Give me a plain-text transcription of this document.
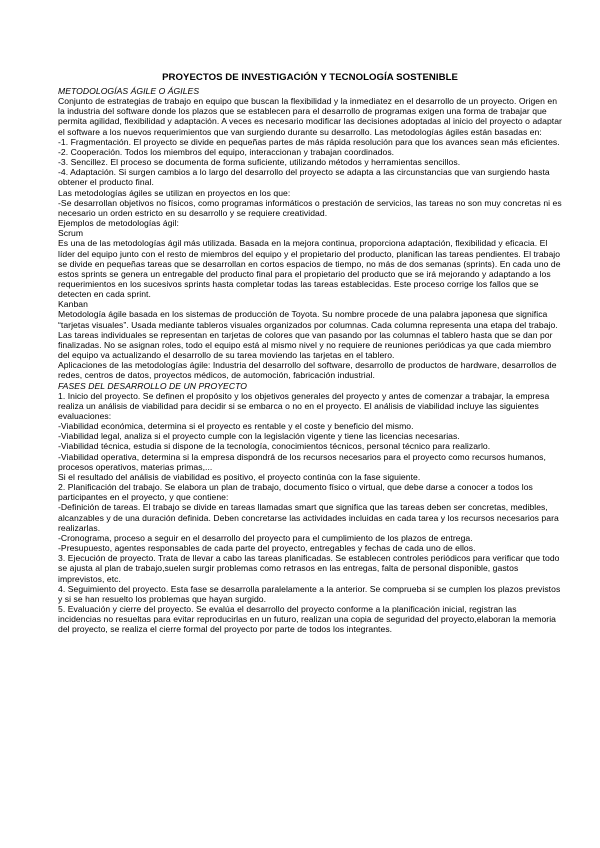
PROYECTOS DE INVESTIGACIÓN Y TECNOLOGÍA SOSTENIBLE

METODOLOGÍAS ÁGILE O ÁGILES

Conjunto de estrategias de trabajo en equipo que buscan la flexibilidad y la inmediatez en el desarrollo de un proyecto. Origen en la industria del software donde los plazos que se establecen para el desarrollo de programas exigen una forma de trabajar que permita agilidad, flexibilidad y adaptación. A veces es necesario modificar las decisiones adoptadas al inicio del proyecto o adaptar el software a los nuevos requerimientos que van surgiendo durante su desarrollo. Las metodologías ágiles están basadas en:

-1. Fragmentación. El proyecto se divide en pequeñas partes de más rápida resolución para que los avances sean más eficientes.

-2. Cooperación. Todos los miembros del equipo, interaccionan y trabajan coordinados.

-3. Sencillez. El proceso se documenta de forma suficiente, utilizando métodos y herramientas sencillos.

-4. Adaptación. Si surgen cambios a lo largo del desarrollo del proyecto se adapta a las circunstancias que van surgiendo hasta obtener el producto final.

Las metodologías ágiles se utilizan en proyectos en los que:

-Se desarrollan objetivos no físicos, como programas informáticos o prestación de servicios, las tareas no son muy concretas ni es necesario un orden estricto en su desarrollo y se requiere creatividad.

Ejemplos de metodologías ágil:

Scrum

Es una de las metodologías ágil más utilizada. Basada en la mejora continua, proporciona adaptación, flexibilidad y eficacia. El líder del equipo junto con el resto de miembros del equipo y el propietario del producto, planifican las tareas pendientes. El trabajo se divide en pequeñas tareas que se desarrollan en cortos espacios de tiempo, no más de dos semanas (sprints). En cada uno de estos sprints se genera un entregable del producto final para el propietario del producto que se irá mejorando y adaptando a los requerimientos en los sucesivos sprints hasta completar todas las tareas establecidas. Este proceso corrige los fallos que se detecten en cada sprint.

Kanban

Metodología ágile basada en los sistemas de producción de Toyota. Su nombre procede de una palabra japonesa que significa “tarjetas visuales”. Usada mediante tableros visuales organizados por columnas. Cada columna representa una etapa del trabajo. Las tareas individuales se representan en tarjetas de colores que van pasando por las columnas el tablero hasta que se dan por finalizadas. No se asignan roles, todo el equipo está al mismo nivel y no requiere de reuniones periódicas ya que cada miembro del equipo va actualizando el desarrollo de su tarea moviendo las tarjetas en el tablero.

Aplicaciones de las metodologías ágile: Industria del desarrollo del software, desarrollo de productos de hardware, desarrollos de redes, centros de datos, proyectos médicos, de automoción, fabricación industrial.

FASES DEL DESARROLLO DE UN PROYECTO

1. Inicio del proyecto. Se definen el propósito y los objetivos generales del proyecto y antes de comenzar a trabajar, la empresa realiza un análisis de viabilidad para decidir si se embarca o no en el proyecto. El análisis de viabilidad incluye las siguientes evaluaciones:

-Viabilidad económica, determina si el proyecto es rentable y el coste y beneficio del mismo.

-Viabilidad legal, analiza si el proyecto cumple con la legislación vigente y tiene las licencias necesarias.

-Viabilidad técnica, estudia si dispone de la tecnología, conocimientos técnicos, personal técnico para realizarlo.

-Viabilidad operativa, determina si la empresa dispondrá de los recursos necesarios para el proyecto como recursos humanos, procesos operativos, materias primas,...

Si el resultado del análisis de viabilidad es positivo, el proyecto continúa con la fase siguiente.

2. Planificación del trabajo. Se elabora un plan de trabajo, documento físico o virtual, que debe darse a conocer a todos los participantes en el proyecto, y que contiene:

-Definición de tareas. El trabajo se divide en tareas llamadas smart que significa que las tareas deben ser concretas, medibles, alcanzables y de una duración definida. Deben concretarse las actividades incluidas en cada tarea y los recursos necesarios para realizarlas.

-Cronograma, proceso a seguir en el desarrollo del proyecto para el cumplimiento de los plazos de entrega.

-Presupuesto, agentes responsables de cada parte del proyecto, entregables y fechas de cada uno de ellos.

3. Ejecución de proyecto. Trata de llevar a cabo las tareas planificadas. Se establecen controles periódicos para verificar que todo se ajusta al plan de trabajo,suelen surgir problemas como retrasos en las entregas, falta de personal disponible, gastos imprevistos, etc.

4. Seguimiento del proyecto. Esta fase se desarrolla paralelamente a la anterior. Se comprueba si se cumplen los plazos previstos y si se han resuelto los problemas que hayan surgido.

5. Evaluación y cierre del proyecto. Se evalúa el desarrollo del proyecto conforme a la planificación inicial, registran las incidencias no resueltas para evitar reproducirlas en un futuro, realizan una copia de seguridad del proyecto,elaboran la memoria del proyecto, se realiza el cierre formal del proyecto por parte de todos los integrantes.
